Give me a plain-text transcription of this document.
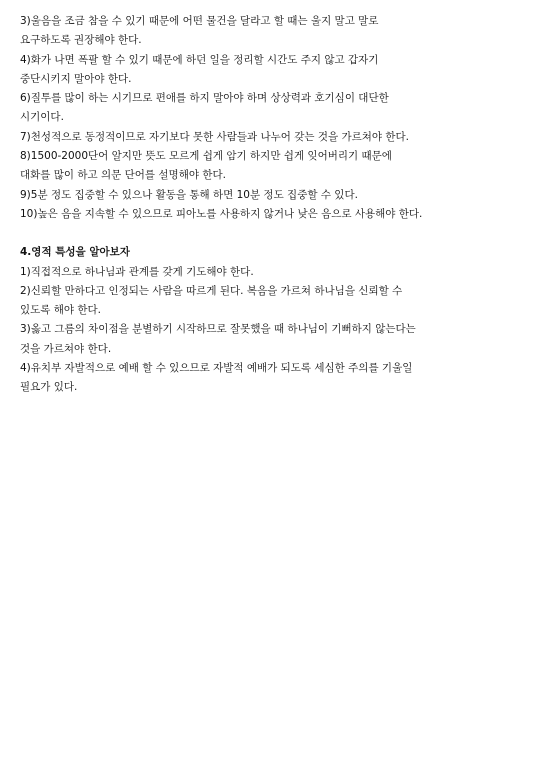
3)울음을 조금 참을 수 있기 때문에 어떤 물건을 달라고 할 때는 울지 말고 말로
요구하도록 권장해야 한다.
4)화가 나면 폭팔 할 수 있기 때문에 하던 일을 정리할 시간도 주지 않고 갑자기
중단시키지 말아야 한다.
6)질투를 많이 하는 시기므로 편애를 하지 말아야 하며 상상력과 호기심이 대단한
시기이다.
7)천성적으로 동정적이므로 자기보다 못한 사람들과 나누어 갖는 것을 가르쳐야 한다.
8)1500-2000단어 알지만 뜻도 모르게 쉽게 암기 하지만 쉽게 잊어버리기 때문에
대화를 많이 하고 의문 단어를 설명해야 한다.
9)5분 정도 집중할 수 있으나 활동을 통해 하면 10분 정도 집중할 수 있다.
10)높은 음을 지속할 수 있으므로 피아노를 사용하지 않거나 낮은 음으로 사용해야 한다.
4.영적 특성을 알아보자
1)직접적으로 하나님과 관계를 갖게 기도해야 한다.
2)신뢰할 만하다고 인정되는 사람을 따르게 된다. 복음을 가르쳐 하나님을 신뢰할 수
있도록 해야 한다.
3)옳고 그름의 차이점을 분별하기 시작하므로 잘못했을 때 하나님이 기뻐하지 않는다는
것을 가르쳐야 한다.
4)유치부 자발적으로 예배 할 수 있으므로 자발적 예배가 되도록 세심한 주의를 기울일
필요가 있다.
